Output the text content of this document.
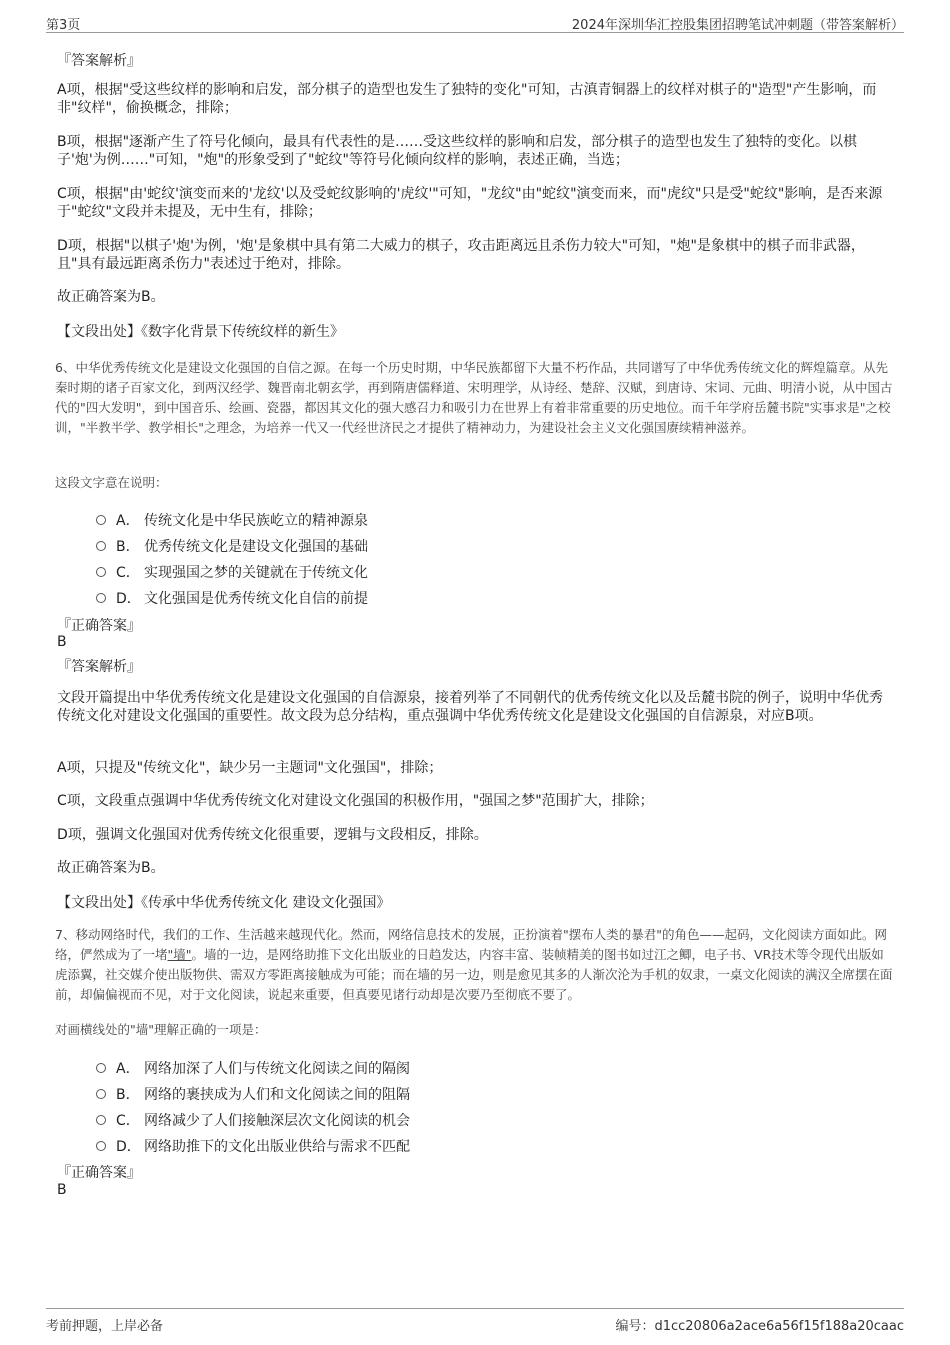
第3页	2024年深圳华汇控股集团招聘笔试冲刺题（带答案解析）
『答案解析』

A项，根据"受这些纹样的影响和启发，部分棋子的造型也发生了独特的变化"可知，古滇青铜器上的纹样对棋子的"造型"产生影响，而非"纹样"，偷换概念，排除；

B项，根据"逐渐产生了符号化倾向，最具有代表性的是……受这些纹样的影响和启发，部分棋子的造型也发生了独特的变化。以棋子'炮'为例……"可知，"炮"的形象受到了"蛇纹"等符号化倾向纹样的影响，表述正确，当选；

C项，根据"由'蛇纹'演变而来的'龙纹'以及受蛇纹影响的'虎纹'"可知，"龙纹"由"蛇纹"演变而来，而"虎纹"只是受"蛇纹"影响，是否来源于"蛇纹"文段并未提及，无中生有，排除；

D项，根据"以棋子'炮'为例，'炮'是象棋中具有第二大威力的棋子，攻击距离远且杀伤力较大"可知，"炮"是象棋中的棋子而非武器，且"具有最远距离杀伤力"表述过于绝对，排除。

故正确答案为B。

【文段出处】《数字化背景下传统纹样的新生》

6、中华优秀传统文化是建设文化强国的自信之源。在每一个历史时期，中华民族都留下大量不朽作品，共同谱写了中华优秀传统文化的辉煌篇章。从先秦时期的诸子百家文化，到两汉经学、魏晋南北朝玄学，再到隋唐儒释道、宋明理学，从诗经、楚辞、汉赋，到唐诗、宋词、元曲、明清小说，从中国古代的"四大发明"，到中国音乐、绘画、瓷器，都因其文化的强大感召力和吸引力在世界上有着非常重要的历史地位。而千年学府岳麓书院"实事求是"之校训，"半教半学、教学相长"之理念，为培养一代又一代经世济民之才提供了精神动力，为建设社会主义文化强国赓续精神滋养。

这段文字意在说明：

A． 传统文化是中华民族屹立的精神源泉
B． 优秀传统文化是建设文化强国的基础
C． 实现强国之梦的关键就在于传统文化
D． 文化强国是优秀传统文化自信的前提
『正确答案』
B
『答案解析』

文段开篇提出中华优秀传统文化是建设文化强国的自信源泉，接着列举了不同朝代的优秀传统文化以及岳麓书院的例子，说明中华优秀传统文化对建设文化强国的重要性。故文段为总分结构，重点强调中华优秀传统文化是建设文化强国的自信源泉，对应B项。

A项，只提及"传统文化"，缺少另一主题词"文化强国"，排除；

C项，文段重点强调中华优秀传统文化对建设文化强国的积极作用，"强国之梦"范围扩大，排除；

D项，强调文化强国对优秀传统文化很重要，逻辑与文段相反，排除。

故正确答案为B。

【文段出处】《传承中华优秀传统文化 建设文化强国》

7、移动网络时代，我们的工作、生活越来越现代化。然而，网络信息技术的发展，正扮演着"摆布人类的暴君"的角色——起码，文化阅读方面如此。网络，俨然成为了一堵"墙"。墙的一边，是网络助推下文化出版业的日趋发达，内容丰富、装帧精美的图书如过江之鲫，电子书、VR技术等令现代出版如虎添翼，社交媒介使出版物供、需双方零距离接触成为可能；而在墙的另一边，则是愈见其多的人渐次沦为手机的奴隶，一桌文化阅读的满汉全席摆在面前，却偏偏视而不见，对于文化阅读，说起来重要，但真要见诸行动却是次要乃至彻底不要了。

对画横线处的"墙"理解正确的一项是：

A． 网络加深了人们与传统文化阅读之间的隔阂
B． 网络的裹挟成为人们和文化阅读之间的阻隔
C． 网络减少了人们接触深层次文化阅读的机会
D． 网络助推下的文化出版业供给与需求不匹配
『正确答案』
B
考前押题，上岸必备	编号：d1cc20806a2ace6a56f15f188a20caac
